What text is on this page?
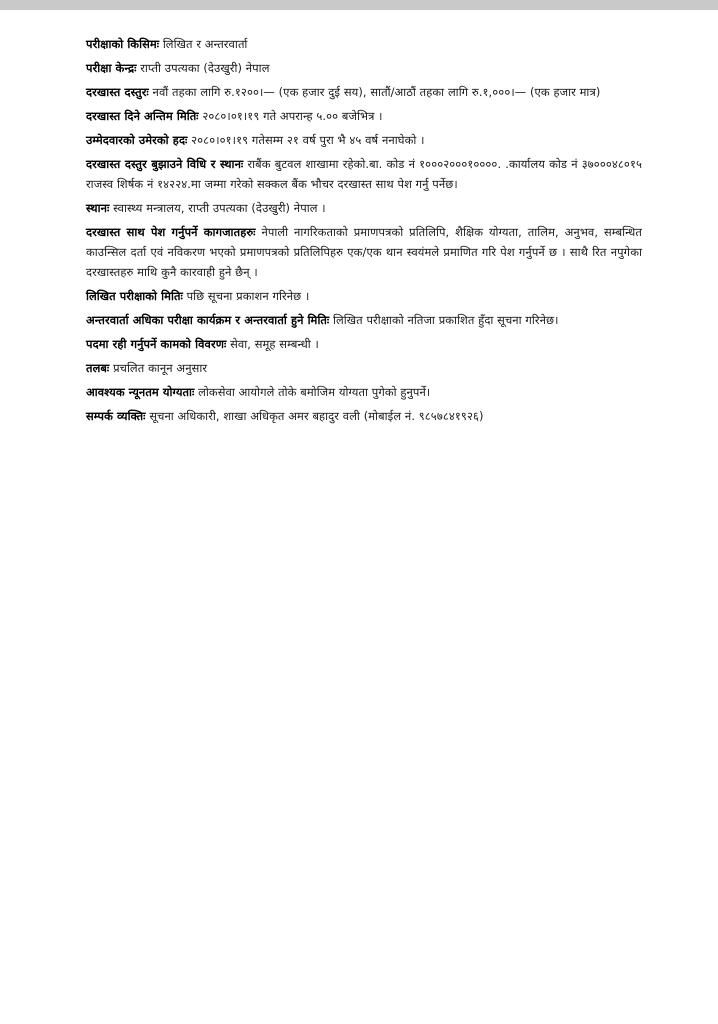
परीक्षाको किसिमः लिखित र अन्तरवार्ता

परीक्षा केन्द्रः राप्ती उपत्यका (देउखुरी) नेपाल

दरखास्त दस्तुरः नवौं तहका लागि रु.१२००।— (एक हजार दुई सय), सातौं/आठौं तहका लागि रु.१,०००।— (एक हजार मात्र)

दरखास्त दिने अन्तिम मितिः २०८०।०१।१९ गते अपरान्ह ५.०० बजेभित्र ।

उम्मेदवारको उमेरको हदः २०८०।०१।१९ गतेसम्म २१ वर्ष पुरा भै ४५ वर्ष ननाघेको ।

दरखास्त दस्तुर बुझाउने विधि र स्थानः राबैंक बुटवल शाखामा रहेको.बा. कोड नं १०००२०००१००००. .कार्यालय कोड नं ३७०००४८०१५ राजस्व शिर्षक नं १४२२४.मा जम्मा गरेको सक्कल बैंक भौचर दरखास्त साथ पेश गर्नु पर्नेछ।

स्थानः स्वास्थ्य मन्त्रालय, राप्ती उपत्यका (देउखुरी) नेपाल ।

दरखास्त साथ पेश गर्नुपर्ने कागजातहरुः नेपाली नागरिकताको प्रमाणपत्रको प्रतिलिपि, शैक्षिक योग्यता, तालिम, अनुभव, सम्बन्धित काउन्सिल दर्ता एवं नविकरण भएको प्रमाणपत्रको प्रतिलिपिहरु एक/एक थान स्वयंमले प्रमाणित गरि पेश गर्नुपर्ने छ । साथै रित नपुगेका दरखास्तहरु माथि कुनै कारवाही हुने छैन् ।

लिखित परीक्षाको मितिः पछि सूचना प्रकाशन गरिनेछ ।

अन्तरवार्ता अधिका परीक्षा कार्यक्रम र अन्तरवार्ता हुने मितिः लिखित परीक्षाको नतिजा प्रकाशित हुँदा सूचना गरिनेछ।

पदमा रही गर्नुपर्ने कामको विवरणः सेवा, समूह सम्बन्धी ।

तलबः प्रचलित कानून अनुसार

आवश्यक न्यूनतम योग्यताः लोकसेवा आयोगले तोके बमोजिम योग्यता पुगेको हुनुपर्ने।

सम्पर्क व्यक्तिः सूचना अधिकारी, शाखा अधिकृत अमर बहादुर वली (मोबाईल नं. ९८५७८४१९२६)
